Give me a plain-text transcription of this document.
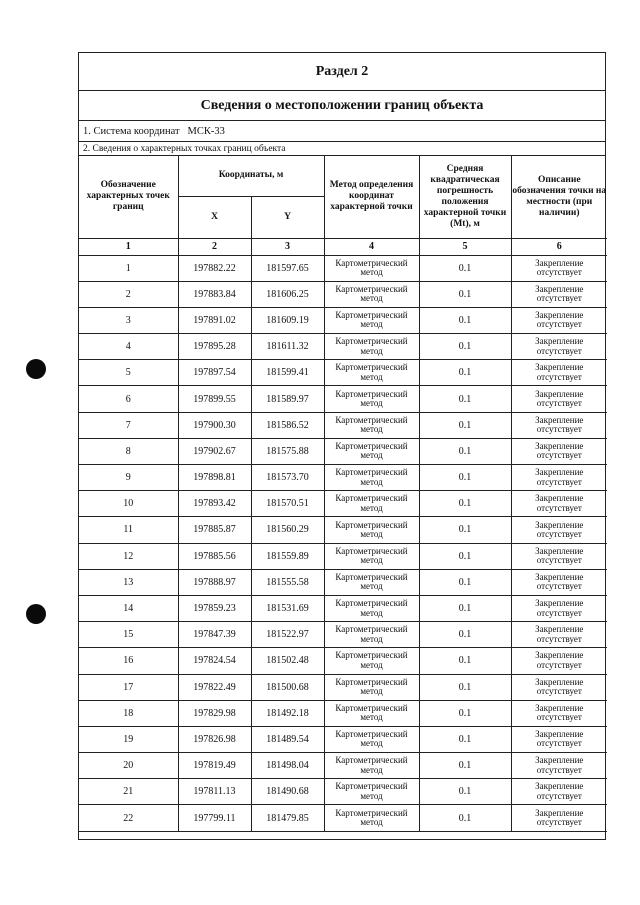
Раздел 2
Сведения о местоположении границ объекта
1. Система координат   МСК-33
2. Сведения о характерных точках границ объекта
Обозначение характерных точек границ	Координаты, м		Метод определения координат характерной точки	Средняя квадратическая погрешность положения характерной точки (Mt), м	Описание обозначения точки на местности (при наличии)
	X	Y			
1	2	3	4	5	6
1	197882.22	181597.65	Картометрический метод	0.1	Закрепление отсутствует
2	197883.84	181606.25	Картометрический метод	0.1	Закрепление отсутствует
3	197891.02	181609.19	Картометрический метод	0.1	Закрепление отсутствует
4	197895.28	181611.32	Картометрический метод	0.1	Закрепление отсутствует
5	197897.54	181599.41	Картометрический метод	0.1	Закрепление отсутствует
6	197899.55	181589.97	Картометрический метод	0.1	Закрепление отсутствует
7	197900.30	181586.52	Картометрический метод	0.1	Закрепление отсутствует
8	197902.67	181575.88	Картометрический метод	0.1	Закрепление отсутствует
9	197898.81	181573.70	Картометрический метод	0.1	Закрепление отсутствует
10	197893.42	181570.51	Картометрический метод	0.1	Закрепление отсутствует
11	197885.87	181560.29	Картометрический метод	0.1	Закрепление отсутствует
12	197885.56	181559.89	Картометрический метод	0.1	Закрепление отсутствует
13	197888.97	181555.58	Картометрический метод	0.1	Закрепление отсутствует
14	197859.23	181531.69	Картометрический метод	0.1	Закрепление отсутствует
15	197847.39	181522.97	Картометрический метод	0.1	Закрепление отсутствует
16	197824.54	181502.48	Картометрический метод	0.1	Закрепление отсутствует
17	197822.49	181500.68	Картометрический метод	0.1	Закрепление отсутствует
18	197829.98	181492.18	Картометрический метод	0.1	Закрепление отсутствует
19	197826.98	181489.54	Картометрический метод	0.1	Закрепление отсутствует
20	197819.49	181498.04	Картометрический метод	0.1	Закрепление отсутствует
21	197811.13	181490.68	Картометрический метод	0.1	Закрепление отсутствует
22	197799.11	181479.85	Картометрический метод	0.1	Закрепление отсутствует
